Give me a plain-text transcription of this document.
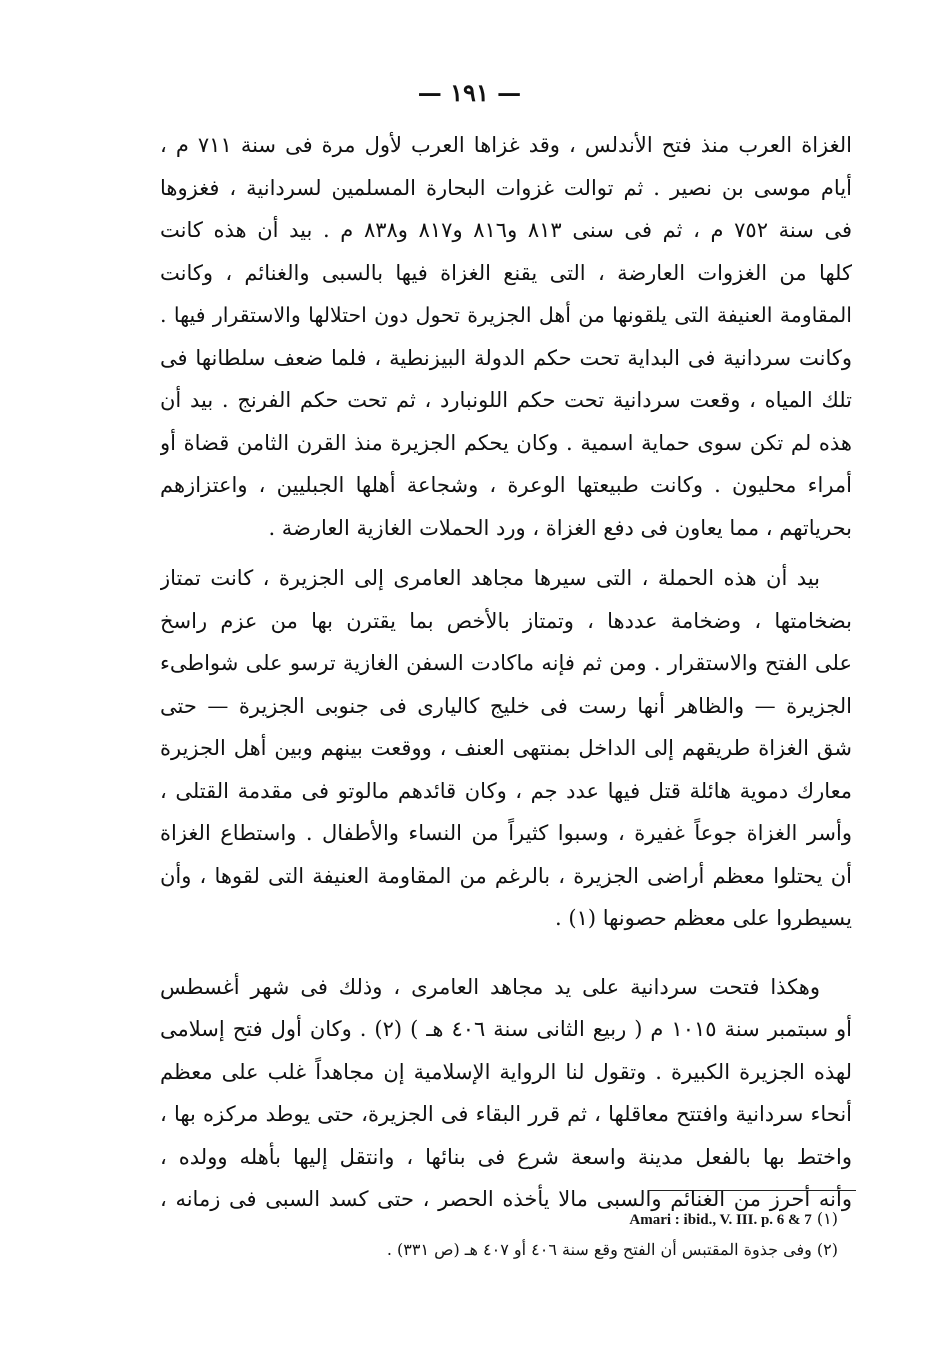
— ١٩١ —
الغزاة العرب منذ فتح الأندلس ، وقد غزاها العرب لأول مرة فى سنة ٧١١ م ،
أيام موسى بن نصير . ثم توالت غزوات البحارة المسلمين لسردانية ، فغزوها
فى سنة ٧٥٢ م ، ثم فى سنى ٨١٣ و٨١٦ و٨١٧ و٨٣٨ م . بيد أن هذه كانت
كلها من الغزوات العارضة ، التى يقنع الغزاة فيها بالسبى والغنائم ، وكانت
المقاومة العنيفة التى يلقونها من أهل الجزيرة تحول دون احتلالها والاستقرار فيها .
وكانت سردانية فى البداية تحت حكم الدولة البيزنطية ، فلما ضعف سلطانها فى
تلك المياه ، وقعت سردانية تحت حكم اللونبارد ، ثم تحت حكم الفرنج . بيد أن
هذه لم تكن سوى حماية اسمية . وكان يحكم الجزيرة منذ القرن الثامن قضاة أو
أمراء محليون . وكانت طبيعتها الوعرة ، وشجاعة أهلها الجبليين ، واعتزازهم
بحرياتهم ، مما يعاون فى دفع الغزاة ، ورد الحملات الغازية العارضة .
بيد أن هذه الحملة ، التى سيرها مجاهد العامرى إلى الجزيرة ، كانت تمتاز
بضخامتها ، وضخامة عددها ، وتمتاز بالأخص بما يقترن بها من عزم راسخ
على الفتح والاستقرار . ومن ثم فإنه ماكادت السفن الغازية ترسو على شواطىء
الجزيرة — والظاهر أنها رست فى خليج كاليارى فى جنوبى الجزيرة — حتى
شق الغزاة طريقهم إلى الداخل بمنتهى العنف ، ووقعت بينهم وبين أهل الجزيرة
معارك دموية هائلة قتل فيها عدد جم ، وكان قائدهم مالوتو فى مقدمة القتلى ،
وأسر الغزاة جوعاً غفيرة ، وسبوا كثيراً من النساء والأطفال . واستطاع الغزاة
أن يحتلوا معظم أراضى الجزيرة ، بالرغم من المقاومة العنيفة التى لقوها ، وأن
يسيطروا على معظم حصونها (١) .
وهكذا فتحت سردانية على يد مجاهد العامرى ، وذلك فى شهر أغسطس
أو سبتمبر سنة ١٠١٥ م ( ربيع الثانى سنة ٤٠٦ هـ ) (٢) . وكان أول فتح إسلامى
لهذه الجزيرة الكبيرة . وتقول لنا الرواية الإسلامية إن مجاهداً غلب على معظم
أنحاء سردانية وافتتح معاقلها ، ثم قرر البقاء فى الجزيرة، حتى يوطد مركزه بها ،
واختط بها بالفعل مدينة واسعة شرع فى بنائها ، وانتقل إليها بأهله وولده ،
وأنه أحرز من الغنائم والسبى مالا يأخذه الحصر ، حتى كسد السبى فى زمانه ،
(١) Amari : ibid., V. III. p. 6 & 7
(٢) وفى جذوة المقتبس أن الفتح وقع سنة ٤٠٦ أو ٤٠٧ هـ (ص ٣٣١) .
